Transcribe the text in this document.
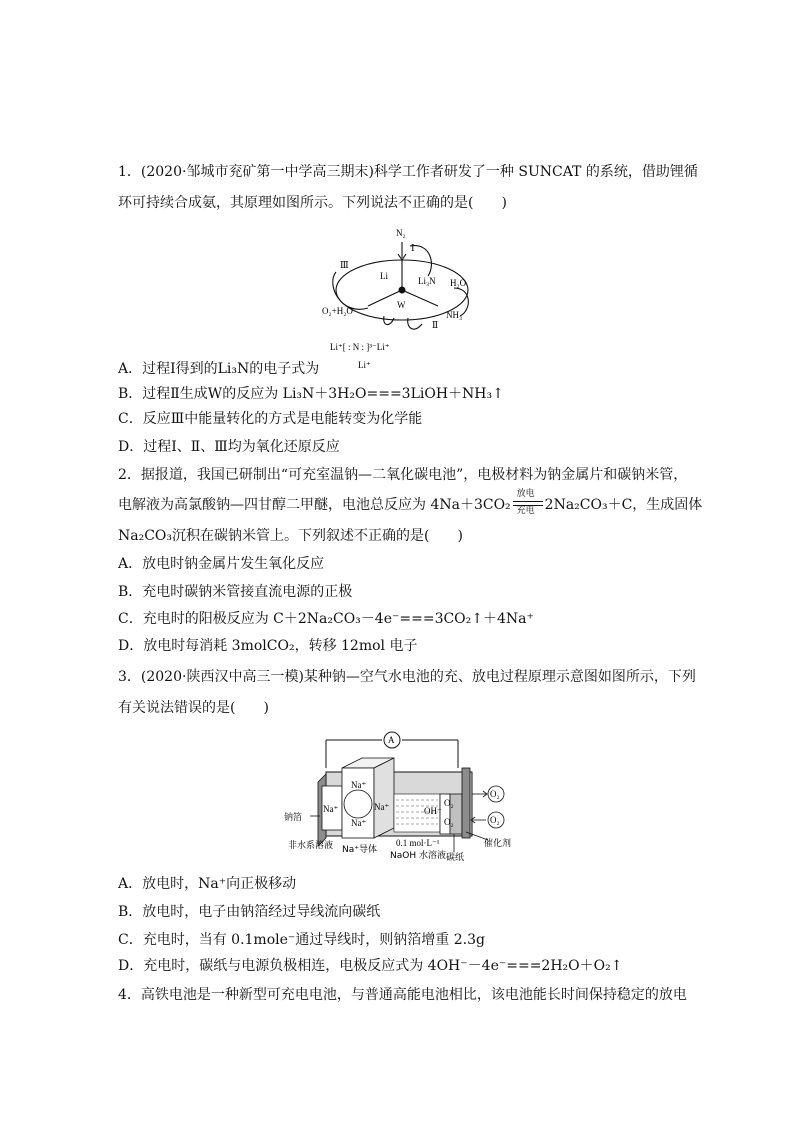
1．(2020·邹城市兖矿第一中学高三期末)科学工作者研发了一种 SUNCAT 的系统，借助锂循
环可持续合成氨，其原理如图所示。下列说法不正确的是(　　)
N₂
Ⅰ
Ⅲ
Li	Li₃N
W
H₂O
NH₃
Ⅱ
O₂+H₂O
Li⁺[ : N : ]³⁻Li⁺
Li⁺
A．过程Ⅰ得到的Li₃N的电子式为
B．过程Ⅱ生成W的反应为 Li₃N＋3H₂O===3LiOH＋NH₃↑
C．反应Ⅲ中能量转化的方式是电能转变为化学能
D．过程Ⅰ、Ⅱ、Ⅲ均为氧化还原反应
2．据报道，我国已研制出“可充室温钠—二氧化碳电池”，电极材料为钠金属片和碳钠米管，
电解液为高氯酸钠—四甘醇二甲醚，电池总反应为 4Na＋3CO₂
放电
充电 2Na₂CO₃＋C，生成固体
Na₂CO₃沉积在碳钠米管上。下列叙述不正确的是(　　)
A．放电时钠金属片发生氧化反应
B．充电时碳钠米管接直流电源的正极
C．充电时的阳极反应为 C＋2Na₂CO₃－4e⁻===3CO₂↑＋4Na⁺
D．放电时每消耗 3molCO₂，转移 12mol 电子
3．(2020·陕西汉中高三一模)某种钠—空气水电池的充、放电过程原理示意图如图所示，下列
有关说法错误的是(　　)
A
Na⁺
Na⁺
Na⁺
Na⁺
OH⁻
O₂
O₂
O₂
O₂
钠箔
非水系溶液 Na⁺导体
0.1 mol·L⁻¹
NaOH 水溶液 碳纸
催化剂
A．放电时，Na⁺向正极移动
B．放电时，电子由钠箔经过导线流向碳纸
C．充电时，当有 0.1mole⁻通过导线时，则钠箔增重 2.3g
D．充电时，碳纸与电源负极相连，电极反应式为 4OH⁻－4e⁻===2H₂O＋O₂↑
4．高铁电池是一种新型可充电电池，与普通高能电池相比，该电池能长时间保持稳定的放电
